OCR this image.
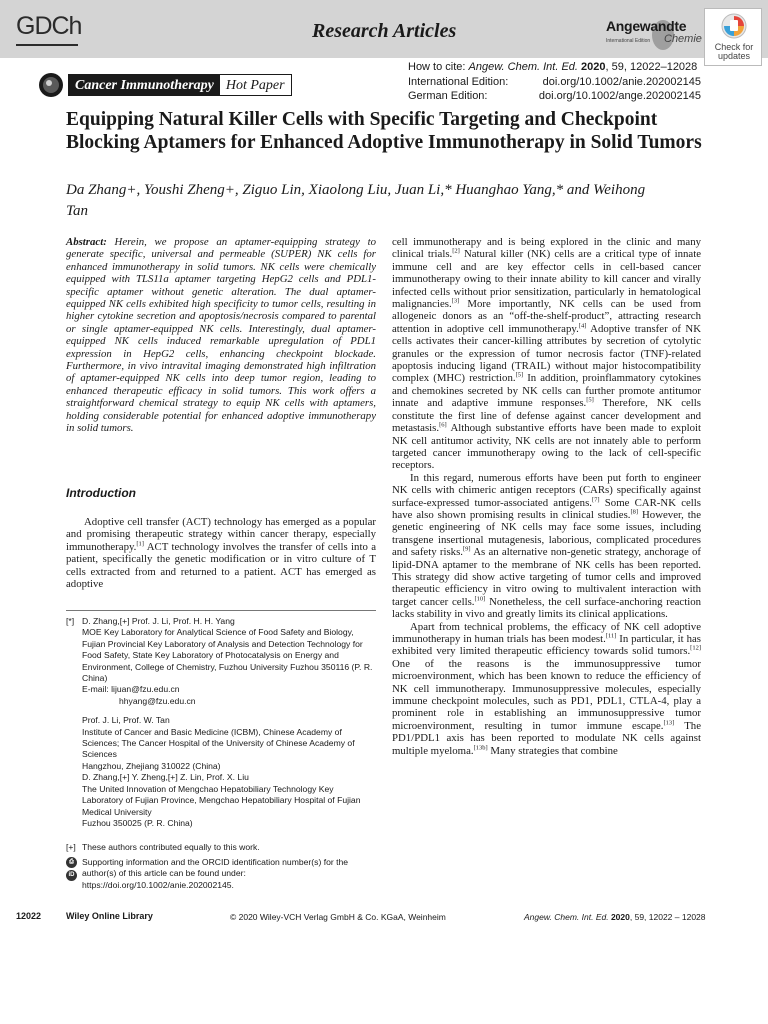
GDCh	Research Articles	Angewandte
International Edition Chemie
Check for updates
Cancer Immunotherapy Hot Paper
How to cite: Angew. Chem. Int. Ed. 2020, 59, 12022–12028
International Edition:	doi.org/10.1002/anie.202002145
German Edition:	doi.org/10.1002/ange.202002145
Equipping Natural Killer Cells with Specific Targeting and Checkpoint Blocking Aptamers for Enhanced Adoptive Immunotherapy in Solid Tumors
Da Zhang+, Youshi Zheng+, Ziguo Lin, Xiaolong Liu, Juan Li,* Huanghao Yang,* and Weihong Tan
Abstract: Herein, we propose an aptamer-equipping strategy to generate specific, universal and permeable (SUPER) NK cells for enhanced immunotherapy in solid tumors. NK cells were chemically equipped with TLS11a aptamer targeting HepG2 cells and PDL1-specific aptamer without genetic alteration. The dual aptamer-equipped NK cells exhibited high specificity to tumor cells, resulting in higher cytokine secretion and apoptosis/necrosis compared to parental or single aptamer-equipped NK cells. Interestingly, dual aptamer-equipped NK cells induced remarkable upregulation of PDL1 expression in HepG2 cells, enhancing checkpoint blockade. Furthermore, in vivo intravital imaging demonstrated high infiltration of aptamer-equipped NK cells into deep tumor region, leading to enhanced therapeutic efficacy in solid tumors. This work offers a straightforward chemical strategy to equip NK cells with aptamers, holding considerable potential for enhanced adoptive immunotherapy in solid tumors.
Introduction

Adoptive cell transfer (ACT) technology has emerged as a popular and promising therapeutic strategy within cancer therapy, especially immunotherapy.[1] ACT technology involves the transfer of cells into a patient, specifically the genetic modification or in vitro culture of T cells extracted from and returned to a patient. ACT has emerged as adoptive

[*] D. Zhang,[+] Prof. J. Li, Prof. H. H. Yang
MOE Key Laboratory for Analytical Science of Food Safety and Biology, Fujian Provincial Key Laboratory of Analysis and Detection Technology for Food Safety, State Key Laboratory of Photocatalysis on Energy and Environment, College of Chemistry, Fuzhou University Fuzhou 350116 (P. R. China)
E-mail: lijuan@fzu.edu.cn
hhyang@fzu.edu.cn
Prof. J. Li, Prof. W. Tan
Institute of Cancer and Basic Medicine (ICBM), Chinese Academy of Sciences; The Cancer Hospital of the University of Chinese Academy of Sciences
Hangzhou, Zhejiang 310022 (China)
D. Zhang,[+] Y. Zheng,[+] Z. Lin, Prof. X. Liu
The United Innovation of Mengchao Hepatobiliary Technology Key Laboratory of Fujian Province, Mengchao Hepatobiliary Hospital of Fujian Medical University
Fuzhou 350025 (P. R. China)
[+] These authors contributed equally to this work.
⎙
iD
Supporting information and the ORCID identification number(s) for the author(s) of this article can be found under:
https://doi.org/10.1002/anie.202002145.

cell immunotherapy and is being explored in the clinic and many clinical trials.[2] Natural killer (NK) cells are a critical type of innate immune cell and are key effector cells in cell-based cancer immunotherapy owing to their innate ability to kill cancer and virally infected cells without prior sensitization, particularly in hematological malignancies.[3] More importantly, NK cells can be used from allogeneic donors as an “off-the-shelf-product”, attracting research attention in adoptive cell immunotherapy.[4] Adoptive transfer of NK cells activates their cancer-killing attributes by secretion of cytolytic granules or the expression of tumor necrosis factor (TNF)-related apoptosis inducing ligand (TRAIL) without major histocompatibility complex (MHC) restriction.[5] In addition, proinflammatory cytokines and chemokines secreted by NK cells can further promote antitumor innate and adaptive immune responses.[5] Therefore, NK cells constitute the first line of defense against cancer development and metastasis.[6] Although substantive efforts have been made to exploit NK cell antitumor activity, NK cells are not innately able to perform targeted cancer immunotherapy owing to the lack of cell-specific receptors.

In this regard, numerous efforts have been put forth to engineer NK cells with chimeric antigen receptors (CARs) specifically against surface-expressed tumor-associated antigens.[7] Some CAR-NK cells have also shown promising results in clinical studies.[8] However, the genetic engineering of NK cells may face some issues, including transgene insertional mutagenesis, laborious, complicated procedures and safety risks.[9] As an alternative non-genetic strategy, anchorage of lipid-DNA aptamer to the membrane of NK cells has been reported. This strategy did show active targeting of tumor cells and improved therapeutic efficiency in vitro owing to multivalent interaction with target cancer cells.[10] Nonetheless, the cell surface-anchoring reaction lacks stability in vivo and greatly limits its clinical applications.

Apart from technical problems, the efficacy of NK cell adoptive immunotherapy in human trials has been modest.[11] In particular, it has exhibited very limited therapeutic efficiency towards solid tumors.[12] One of the reasons is the immunosuppressive tumor microenvironment, which has been known to reduce the efficiency of NK cell immunotherapy. Immunosuppressive molecules, especially immune checkpoint molecules, such as PD1, PDL1, CTLA-4, play a prominent role in establishing an immunosuppressive tumor microenvironment, resulting in tumor immune escape.[13] The PD1/PDL1 axis has been reported to modulate NK cells against multiple myeloma.[13b] Many strategies that combine

12022	Wiley Online Library	© 2020 Wiley-VCH Verlag GmbH & Co. KGaA, Weinheim	Angew. Chem. Int. Ed. 2020, 59, 12022 – 12028
